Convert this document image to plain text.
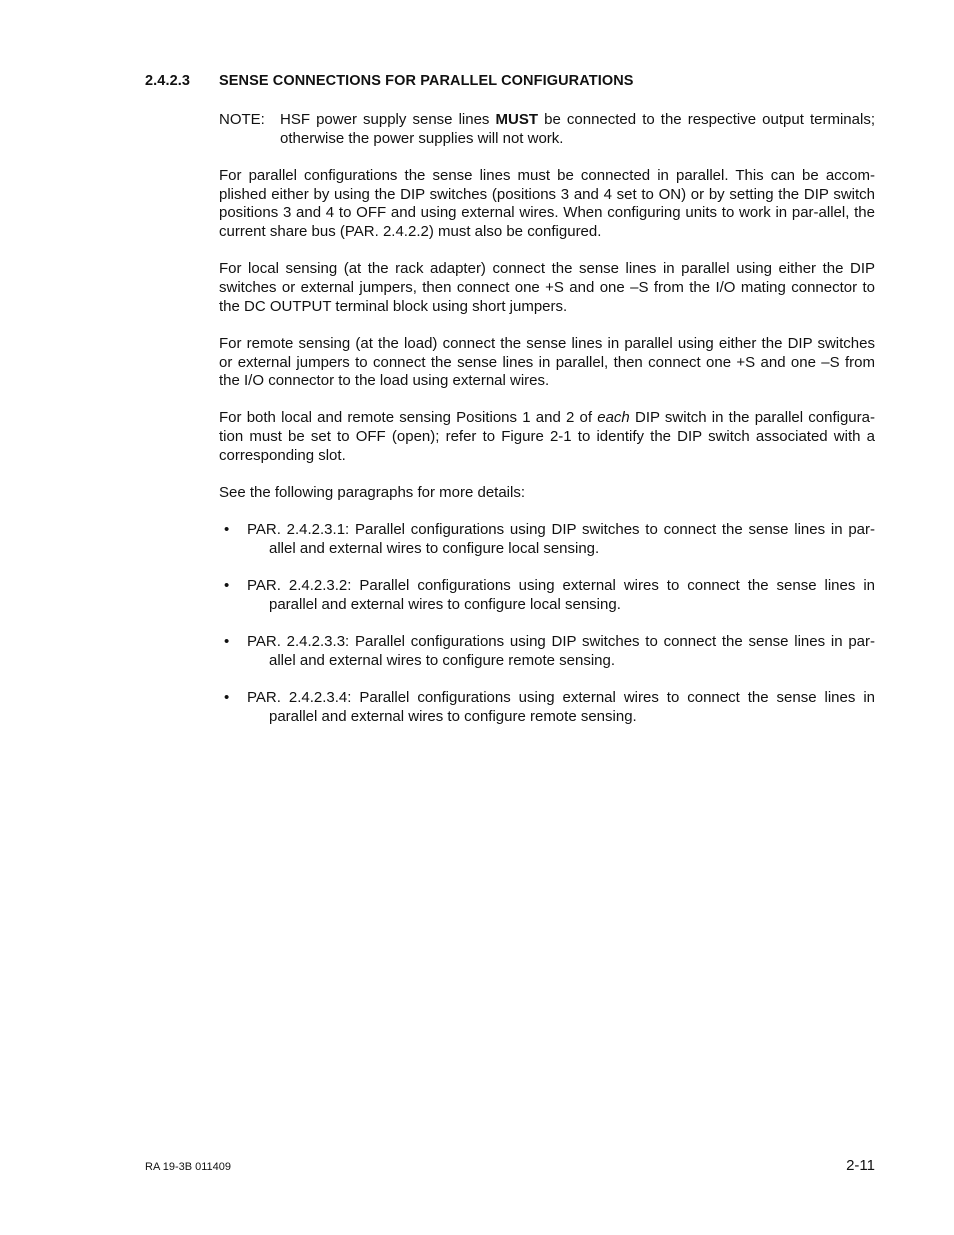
2.4.2.3 SENSE CONNECTIONS FOR PARALLEL CONFIGURATIONS
NOTE:	HSF power supply sense lines MUST be connected to the respective output terminals; otherwise the power supplies will not work.

For parallel configurations the sense lines must be connected in parallel. This can be accom-plished either by using the DIP switches (positions 3 and 4 set to ON) or by setting the DIP switch positions 3 and 4 to OFF and using external wires. When configuring units to work in par-allel, the current share bus (PAR. 2.4.2.2) must also be configured.

For local sensing (at the rack adapter) connect the sense lines in parallel using either the DIP switches or external jumpers, then connect one +S and one –S from the I/O mating connector to the DC OUTPUT terminal block using short jumpers.

For remote sensing (at the load) connect the sense lines in parallel using either the DIP switches or external jumpers to connect the sense lines in parallel, then connect one +S and one –S from the I/O connector to the load using external wires.

For both local and remote sensing Positions 1 and 2 of each DIP switch in the parallel configura-tion must be set to OFF (open); refer to Figure 2-1 to identify the DIP switch associated with a corresponding slot.

See the following paragraphs for more details:

• PAR. 2.4.2.3.1: Parallel configurations using DIP switches to connect the sense lines in par-
allel and external wires to configure local sensing.
• PAR. 2.4.2.3.2: Parallel configurations using external wires to connect the sense lines in
parallel and external wires to configure local sensing.
• PAR. 2.4.2.3.3: Parallel configurations using DIP switches to connect the sense lines in par-
allel and external wires to configure remote sensing.
• PAR. 2.4.2.3.4: Parallel configurations using external wires to connect the sense lines in
parallel and external wires to configure remote sensing.
RA 19-3B 011409	2-11
